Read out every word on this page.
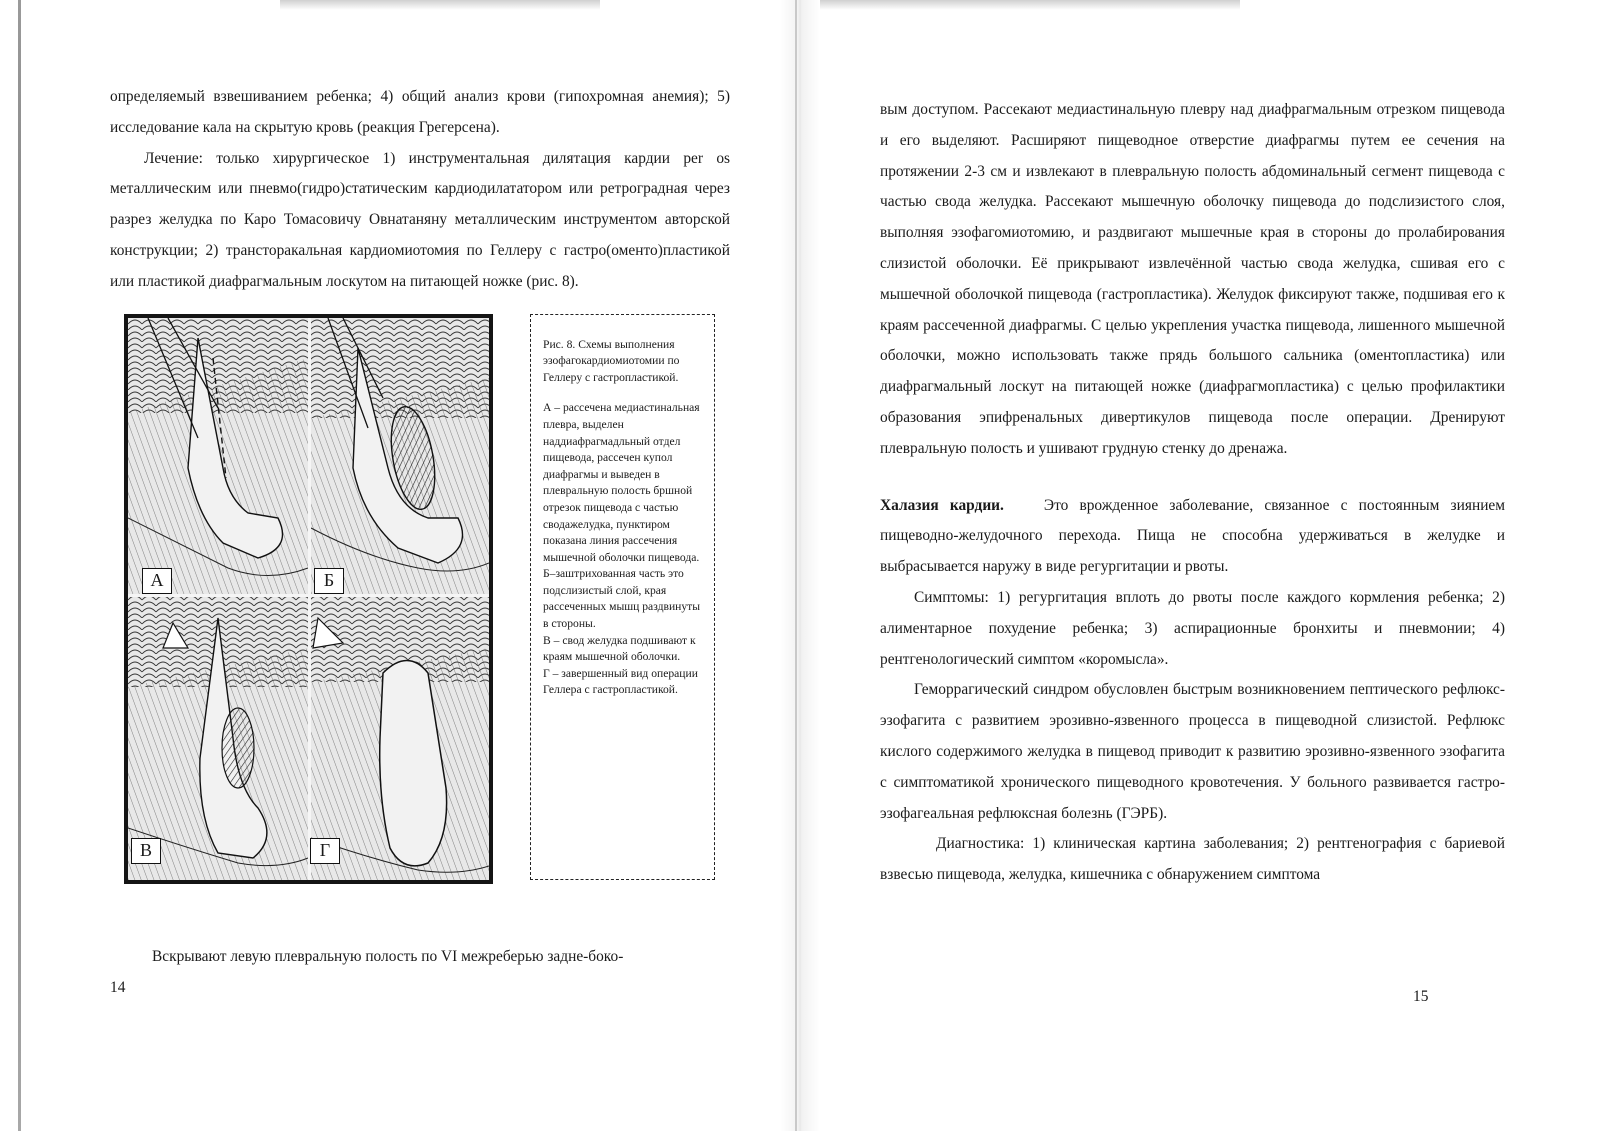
определяемый взвешиванием ребенка; 4) общий анализ крови (гипохромная анемия); 5) исследование кала на скрытую кровь (реакция Грегерсена).

Лечение: только хирургическое 1) инструментальная дилятация кардии per os металлическим или пневмо(гидро)статическим кардиодилататором или ретроградная через разрез желудка по Каро Томасовичу Овнатаняну металлическим инструментом авторской конструкции; 2) трансторакальная кардиомиотомия по Геллеру с гастро(оменто)пластикой или пластикой диафрагмальным лоскутом на питающей ножке (рис. 8).

А	Б
В	Г

Рис. 8. Схемы выполнения эзофагокардиомиотомии по Геллеру с гастропластикой.

А – рассечена медиастинальная плевра, выделен наддиафрагмадльный отдел пищевода, рассечен купол диафрагмы и выведен в плевральную полость бршной отрезок пищевода с частью сводажелудка, пунктиром показана линия рассечения мышечной оболочки пищевода.

Б–заштрихованная часть это подслизистый слой, края рассеченных мышц раздвинуты в стороны.

В – свод желудка подшивают к краям мышечной оболочки.

Г – завершенный вид операции Геллера с гастропластикой.

Вскрывают левую плевральную полость по VI межреберью задне-боко-
14

вым доступом. Рассекают медиастинальную плевру над диафрагмальным отрезком пищевода и его выделяют. Расширяют пищеводное отверстие диафрагмы путем ее сечения на протяжении 2-3 см и извлекают в плевральную полость абдоминальный сегмент пищевода с частью свода желудка. Рассекают мышечную оболочку пищевода до подслизистого слоя, выполняя эзофагомиотомию, и раздвигают мышечные края в стороны до пролабирования слизистой оболочки. Её прикрывают извлечённой частью свода желудка, сшивая его с мышечной оболочкой пищевода (гастропластика). Желудок фиксируют также, подшивая его к краям рассеченной диафрагмы. С целью укрепления участка пищевода, лишенного мышечной оболочки, можно использовать также прядь большого сальника (оментопластика) или диафрагмальный лоскут на питающей ножке (диафрагмопластика) с целью профилактики образования эпифренальных дивертикулов пищевода после операции. Дренируют плевральную полость и ушивают грудную стенку до дренажа.

Халазия кардии.	Это врожденное заболевание, связанное с постоянным зиянием пищеводно-желудочного перехода. Пища не способна удерживаться в желудке и выбрасывается наружу в виде регургитации и рвоты.

Симптомы: 1) регургитация вплоть до рвоты после каждого кормления ребенка; 2) алиментарное похудение ребенка; 3) аспирационные бронхиты и пневмонии; 4) рентгенологический симптом «коромысла».

Геморрагический синдром обусловлен быстрым возникновением пептического рефлюкс-эзофагита с развитием эрозивно-язвенного процесса в пищеводной слизистой. Рефлюкс кислого содержимого желудка в пищевод приводит к развитию эрозивно-язвенного эзофагита с симптоматикой хронического пищеводного кровотечения. У больного развивается гастро-эзофагеальная рефлюксная болезнь (ГЭРБ).

Диагностика: 1) клиническая картина заболевания; 2) рентгенография с бариевой взвесью пищевода, желудка, кишечника с обнаружением симптома

15
